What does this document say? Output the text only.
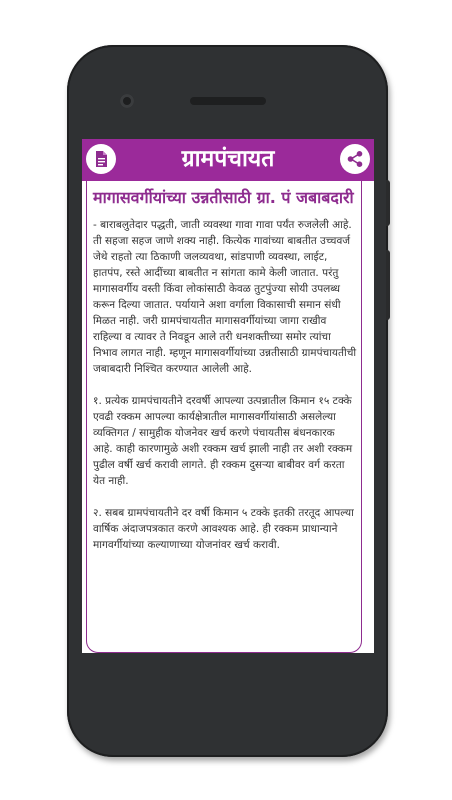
ग्रामपंचायत
मागासवर्गीयांच्या उन्नतीसाठी ग्रा. पं जबाबदारी

- बाराबलुतेदार पद्धती, जाती व्यवस्था गावा गावा पर्यंत रुजलेली आहे. ती सहजा सहज जाणे शक्य नाही. कित्येक गावांच्या बाबतीत उच्चवर्ज जेथे राहतो त्या ठिकाणी जलव्यवथा, सांडपाणी व्यवस्था, लाईट, हातपंप, रस्ते आदींच्या बाबतीत न सांगता कामे केली जातात. परंतु मागासवर्गीय वस्ती किंवा लोकांसाठी केवळ तुटपुंज्या सोयी उपलब्ध करून दिल्या जातात. पर्यायाने अशा वर्गाला विकासाची समान संधी मिळत नाही. जरी ग्रामपंचायतीत मागासवर्गीयांच्या जागा राखीव राहिल्या व त्यावर ते निवडून आले तरी धनशक्तीच्या समोर त्यांचा निभाव लागत नाही. म्हणून मागासवर्गीयांच्या उन्नतीसाठी ग्रामपंचायतीची जबाबदारी निश्चित करण्यात आलेली आहे.

१. प्रत्येक ग्रामपंचायतीने दरवर्षी आपल्या उत्पन्नातील किमान १५ टक्के एवढी रक्कम आपल्या कार्यक्षेत्रातील मागासवर्गीयांसाठी असलेल्या व्यक्तिगत / सामुहीक योजनेवर खर्च करणे पंचायतीस बंधनकारक आहे. काही कारणामुळे अशी रक्कम खर्च झाली नाही तर अशी रक्कम पुढील वर्षी खर्च करावी लागते. ही रक्कम दुसऱ्या बाबीवर वर्ग करता येत नाही.

२. सबब ग्रामपंचायतीने दर वर्षी किमान ५ टक्के इतकी तरतूद आपल्या वार्षिक अंदाजपत्रकात करणे आवश्यक आहे. ही रक्कम प्राधान्याने मागवर्गीयांच्या कल्याणाच्या योजनांवर खर्च करावी.
